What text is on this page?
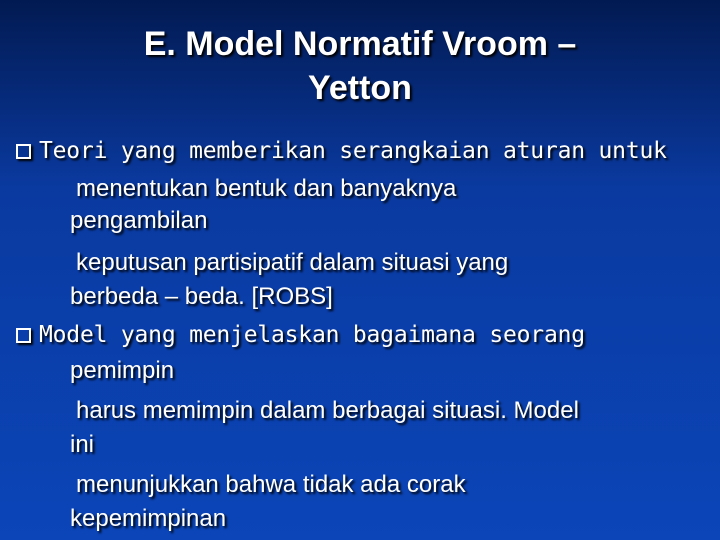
E. Model Normatif Vroom –
Yetton
Teori yang memberikan serangkaian aturan untuk
menentukan bentuk dan banyaknya
pengambilan
keputusan partisipatif dalam situasi yang
berbeda – beda. [ROBS]
Model yang menjelaskan bagaimana seorang
pemimpin
harus memimpin dalam berbagai situasi. Model
ini
menunjukkan bahwa tidak ada corak
kepemimpinan
